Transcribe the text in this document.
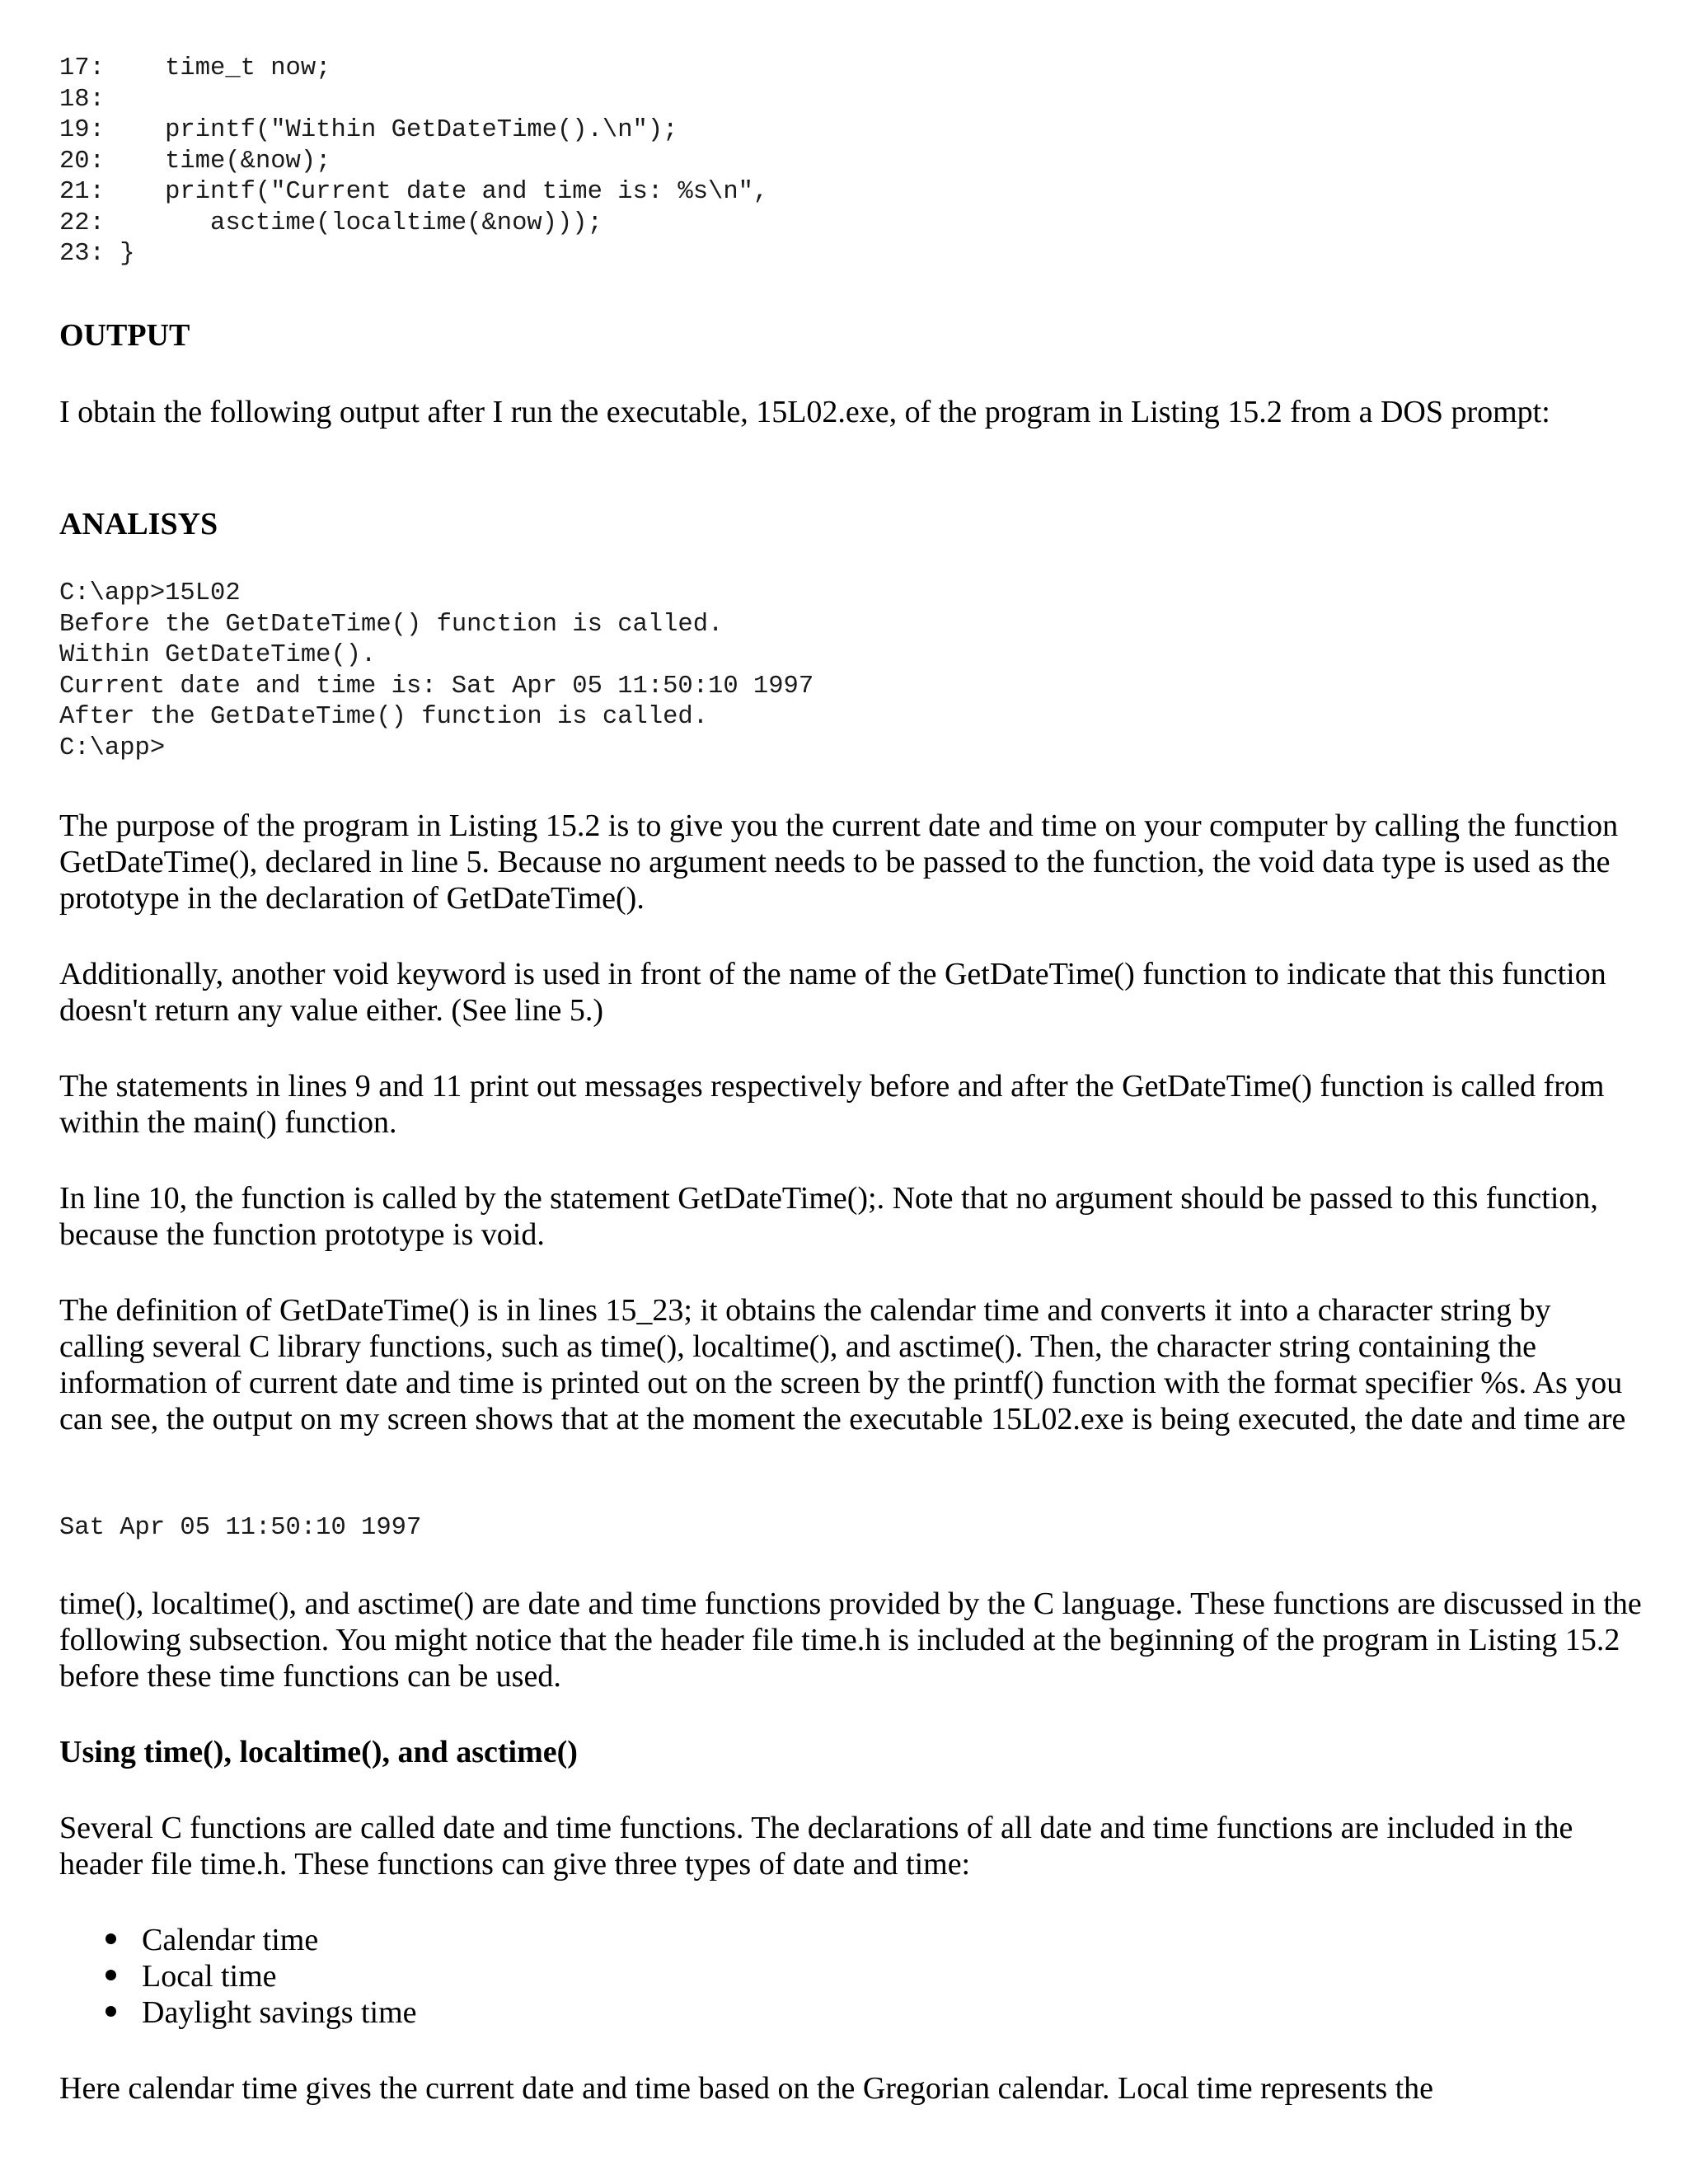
17:    time_t now;
18:
19:    printf("Within GetDateTime().\n");
20:    time(&now);
21:    printf("Current date and time is: %s\n",
22:       asctime(localtime(&now)));
23: }
OUTPUT

I obtain the following output after I run the executable, 15L02.exe, of the program in Listing 15.2 from a DOS prompt:

ANALISYS
C:\app>15L02
Before the GetDateTime() function is called.
Within GetDateTime().
Current date and time is: Sat Apr 05 11:50:10 1997
After the GetDateTime() function is called.
C:\app>

The purpose of the program in Listing 15.2 is to give you the current date and time on your computer by calling the function GetDateTime(), declared in line 5. Because no argument needs to be passed to the function, the void data type is used as the prototype in the declaration of GetDateTime().

Additionally, another void keyword is used in front of the name of the GetDateTime() function to indicate that this function doesn't return any value either. (See line 5.)

The statements in lines 9 and 11 print out messages respectively before and after the GetDateTime() function is called from within the main() function.

In line 10, the function is called by the statement GetDateTime();. Note that no argument should be passed to this function, because the function prototype is void.

The definition of GetDateTime() is in lines 15_23; it obtains the calendar time and converts it into a character string by calling several C library functions, such as time(), localtime(), and asctime(). Then, the character string containing the information of current date and time is printed out on the screen by the printf() function with the format specifier %s. As you can see, the output on my screen shows that at the moment the executable 15L02.exe is being executed, the date and time are

Sat Apr 05 11:50:10 1997

time(), localtime(), and asctime() are date and time functions provided by the C language. These functions are discussed in the following subsection. You might notice that the header file time.h is included at the beginning of the program in Listing 15.2 before these time functions can be used.

Using time(), localtime(), and asctime()

Several C functions are called date and time functions. The declarations of all date and time functions are included in the header file time.h. These functions can give three types of date and time:

Calendar time
Local time
Daylight savings time

Here calendar time gives the current date and time based on the Gregorian calendar. Local time represents the
